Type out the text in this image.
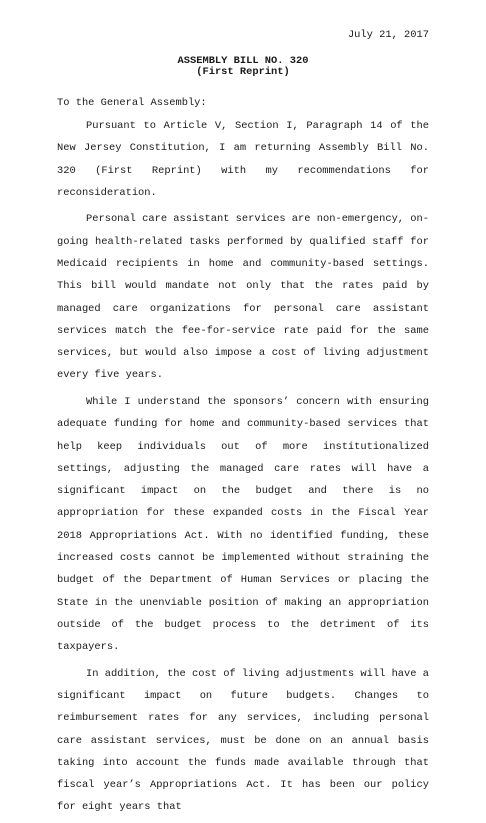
July 21, 2017
ASSEMBLY BILL NO. 320
(First Reprint)
To the General Assembly:

Pursuant to Article V, Section I, Paragraph 14 of the New Jersey Constitution, I am returning Assembly Bill No. 320 (First Reprint) with my recommendations for reconsideration.

Personal care assistant services are non-emergency, on-going health-related tasks performed by qualified staff for Medicaid recipients in home and community-based settings. This bill would mandate not only that the rates paid by managed care organizations for personal care assistant services match the fee-for-service rate paid for the same services, but would also impose a cost of living adjustment every five years.

While I understand the sponsors’ concern with ensuring adequate funding for home and community-based services that help keep individuals out of more institutionalized settings, adjusting the managed care rates will have a significant impact on the budget and there is no appropriation for these expanded costs in the Fiscal Year 2018 Appropriations Act. With no identified funding, these increased costs cannot be implemented without straining the budget of the Department of Human Services or placing the State in the unenviable position of making an appropriation outside of the budget process to the detriment of its taxpayers.

In addition, the cost of living adjustments will have a significant impact on future budgets. Changes to reimbursement rates for any services, including personal care assistant services, must be done on an annual basis taking into account the funds made available through that fiscal year’s Appropriations Act. It has been our policy for eight years that
